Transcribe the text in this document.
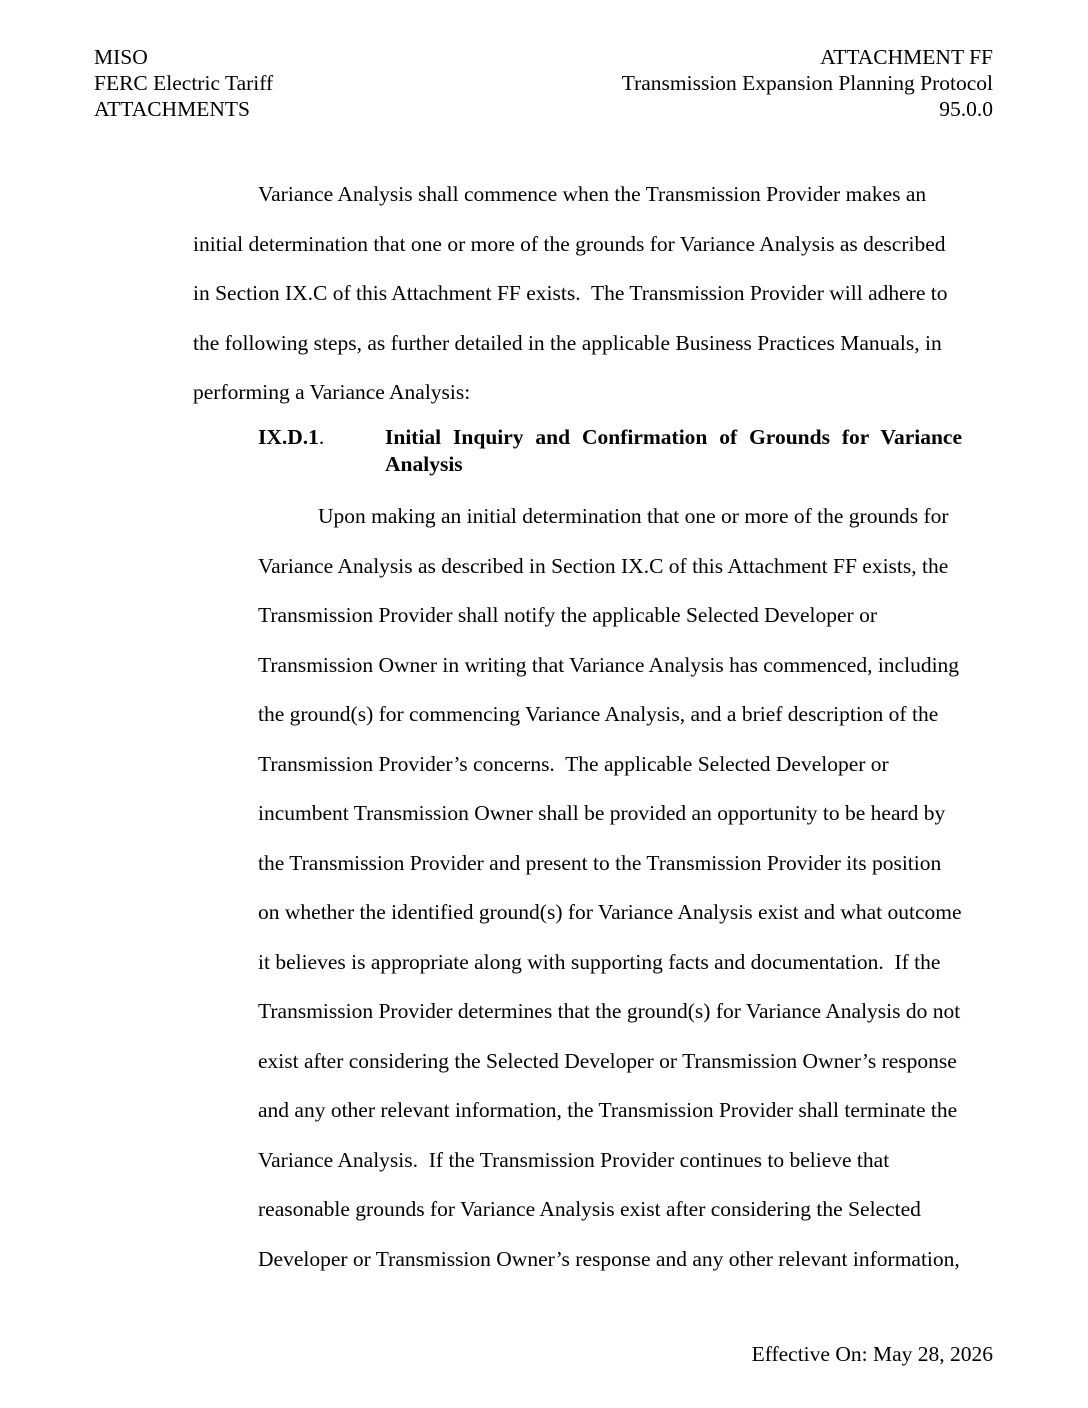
MISO
FERC Electric Tariff
ATTACHMENTS
ATTACHMENT FF
Transmission Expansion Planning Protocol
95.0.0
Variance Analysis shall commence when the Transmission Provider makes an
initial determination that one or more of the grounds for Variance Analysis as described
in Section IX.C of this Attachment FF exists.  The Transmission Provider will adhere to
the following steps, as further detailed in the applicable Business Practices Manuals, in
performing a Variance Analysis:
IX.D.1.	Initial Inquiry and Confirmation of Grounds for Variance
Analysis
Upon making an initial determination that one or more of the grounds for
Variance Analysis as described in Section IX.C of this Attachment FF exists, the
Transmission Provider shall notify the applicable Selected Developer or
Transmission Owner in writing that Variance Analysis has commenced, including
the ground(s) for commencing Variance Analysis, and a brief description of the
Transmission Provider’s concerns.  The applicable Selected Developer or
incumbent Transmission Owner shall be provided an opportunity to be heard by
the Transmission Provider and present to the Transmission Provider its position
on whether the identified ground(s) for Variance Analysis exist and what outcome
it believes is appropriate along with supporting facts and documentation.  If the
Transmission Provider determines that the ground(s) for Variance Analysis do not
exist after considering the Selected Developer or Transmission Owner’s response
and any other relevant information, the Transmission Provider shall terminate the
Variance Analysis.  If the Transmission Provider continues to believe that
reasonable grounds for Variance Analysis exist after considering the Selected
Developer or Transmission Owner’s response and any other relevant information,
Effective On: May 28, 2026
